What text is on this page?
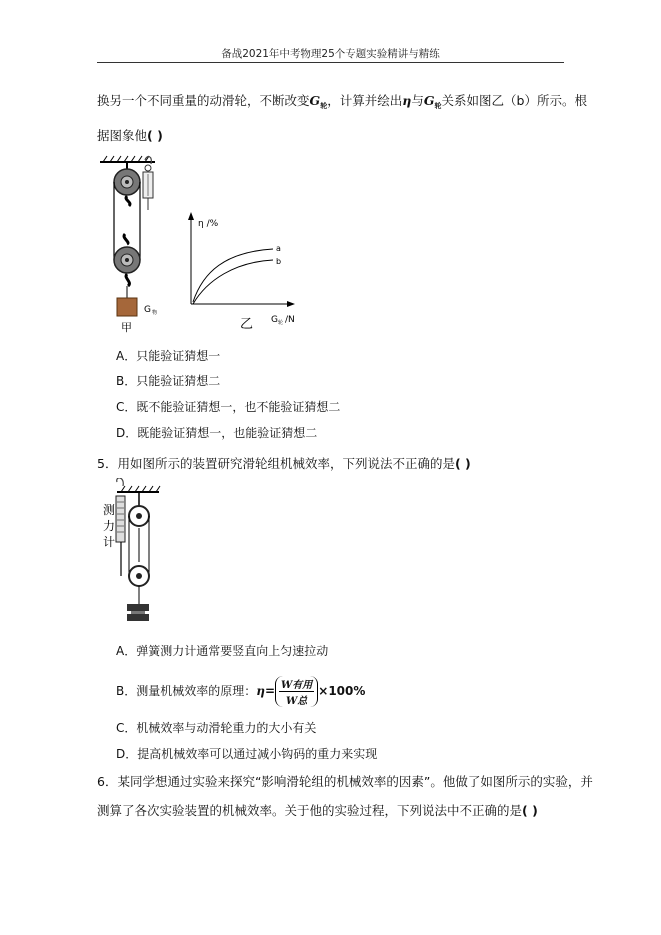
备战2021年中考物理25个专题实验精讲与精练
换另一个不同重量的动滑轮，不断改变$G_轮$，计算并绘出η与$G_轮$关系如图乙（b）所示。根
据图象他( )
G 物
甲
η /%
a
b
乙 G 轮 /N
A．只能验证猜想一
B．只能验证猜想二
C．既不能验证猜想一，也不能验证猜想二
D．既能验证猜想一，也能验证猜想二
5．用如图所示的装置研究滑轮组机械效率，下列说法不正确的是( )
测
力
计
A．弹簧测力计通常要竖直向上匀速拉动
B．测量机械效率的原理：$\eta= \frac{\text{W有用}}{\text{W总}} \times 100\%$
C．机械效率与动滑轮重力的大小有关
D．提高机械效率可以通过减小钩码的重力来实现
6．某同学想通过实验来探究“影响滑轮组的机械效率的因素”。他做了如图所示的实验，并
测算了各次实验装置的机械效率。关于他的实验过程，下列说法中不正确的是( )
